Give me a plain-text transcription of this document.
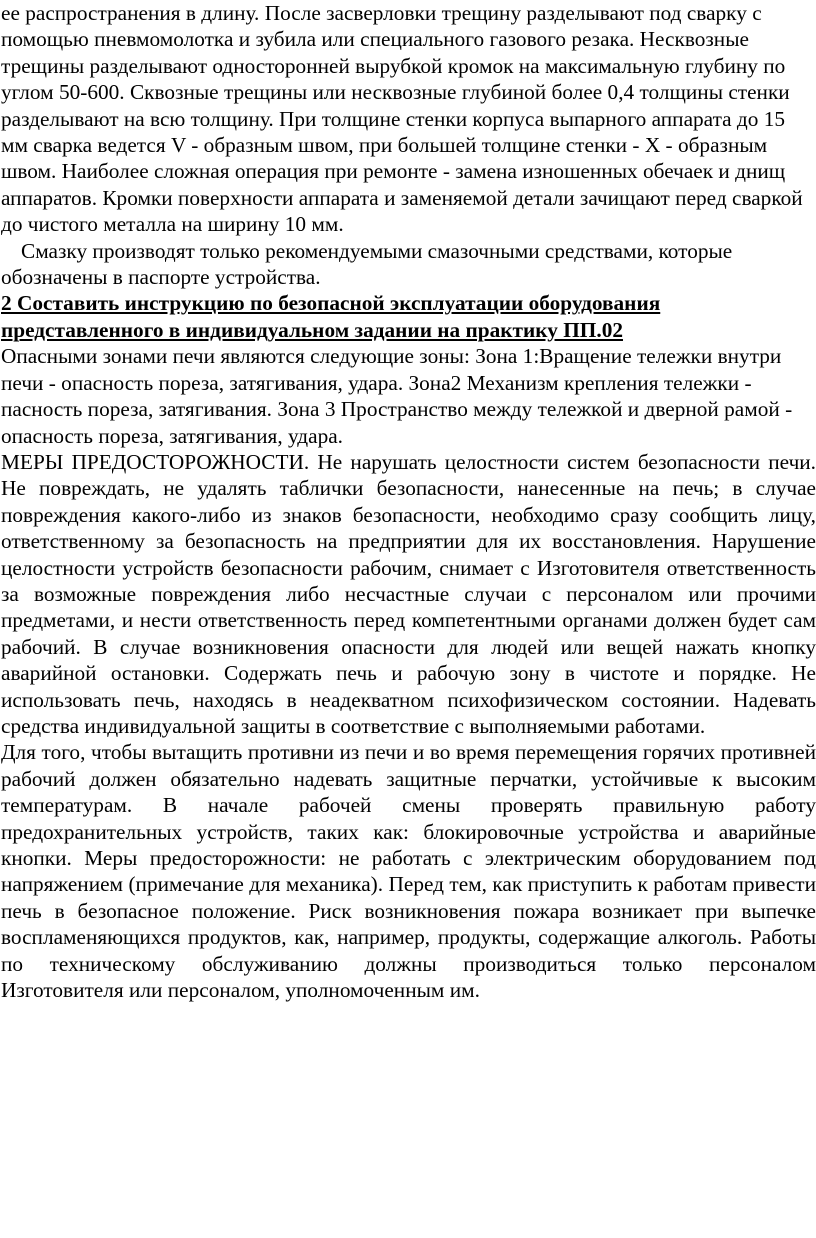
ее распространения в длину. После засверловки трещину разделывают под сварку с помощью пневмомолотка и зубила или специального газового резака. Несквозные трещины разделывают односторонней вырубкой кромок на максимальную глубину по углом 50-600. Сквозные трещины или несквозные глубиной более 0,4 толщины стенки разделывают на всю толщину. При толщине стенки корпуса выпарного аппарата до 15 мм сварка ведется V - образным швом, при большей толщине стенки - X - образным швом. Наиболее сложная операция при ремонте - замена изношенных обечаек и днищ аппаратов. Кромки поверхности аппарата и заменяемой детали зачищают перед сваркой до чистого металла на ширину 10 мм.

Смазку производят только рекомендуемыми смазочными средствами, которые обозначены в паспорте устройства.

2 Составить инструкцию по безопасной эксплуатации оборудования представленного в индивидуальном задании на практику ПП.02

Опасными зонами печи являются следующие зоны: Зона 1:Вращение тележки внутри печи - опасность пореза, затягивания, удара. Зона2 Механизм крепления тележки - пасность пореза, затягивания. Зона 3 Пространство между тележкой и дверной рамой - опасность пореза, затягивания, удара.

МЕРЫ ПРЕДОСТОРОЖНОСТИ. Не нарушать целостности систем безопасности печи. Не повреждать, не удалять таблички безопасности, нанесенные на печь; в случае повреждения какого-либо из знаков безопасности, необходимо сразу сообщить лицу, ответственному за безопасность на предприятии для их восстановления. Нарушение целостности устройств безопасности рабочим, снимает с Изготовителя ответственность за возможные повреждения либо несчастные случаи с персоналом или прочими предметами, и нести ответственность перед компетентными органами должен будет сам рабочий. В случае возникновения опасности для людей или вещей нажать кнопку аварийной остановки. Содержать печь и рабочую зону в чистоте и порядке. Не использовать печь, находясь в неадекватном психофизическом состоянии. Надевать средства индивидуальной защиты в соответствие с выполняемыми работами.

Для того, чтобы вытащить противни из печи и во время перемещения горячих противней рабочий должен обязательно надевать защитные перчатки, устойчивые к высоким температурам. В начале рабочей смены проверять правильную работу предохранительных устройств, таких как: блокировочные устройства и аварийные кнопки. Меры предосторожности: не работать с электрическим оборудованием под напряжением (примечание для механика). Перед тем, как приступить к работам привести печь в безопасное положение. Риск возникновения пожара возникает при выпечке воспламеняющихся продуктов, как, например, продукты, содержащие алкоголь. Работы по техническому обслуживанию должны производиться только персоналом Изготовителя или персоналом, уполномоченным им.
